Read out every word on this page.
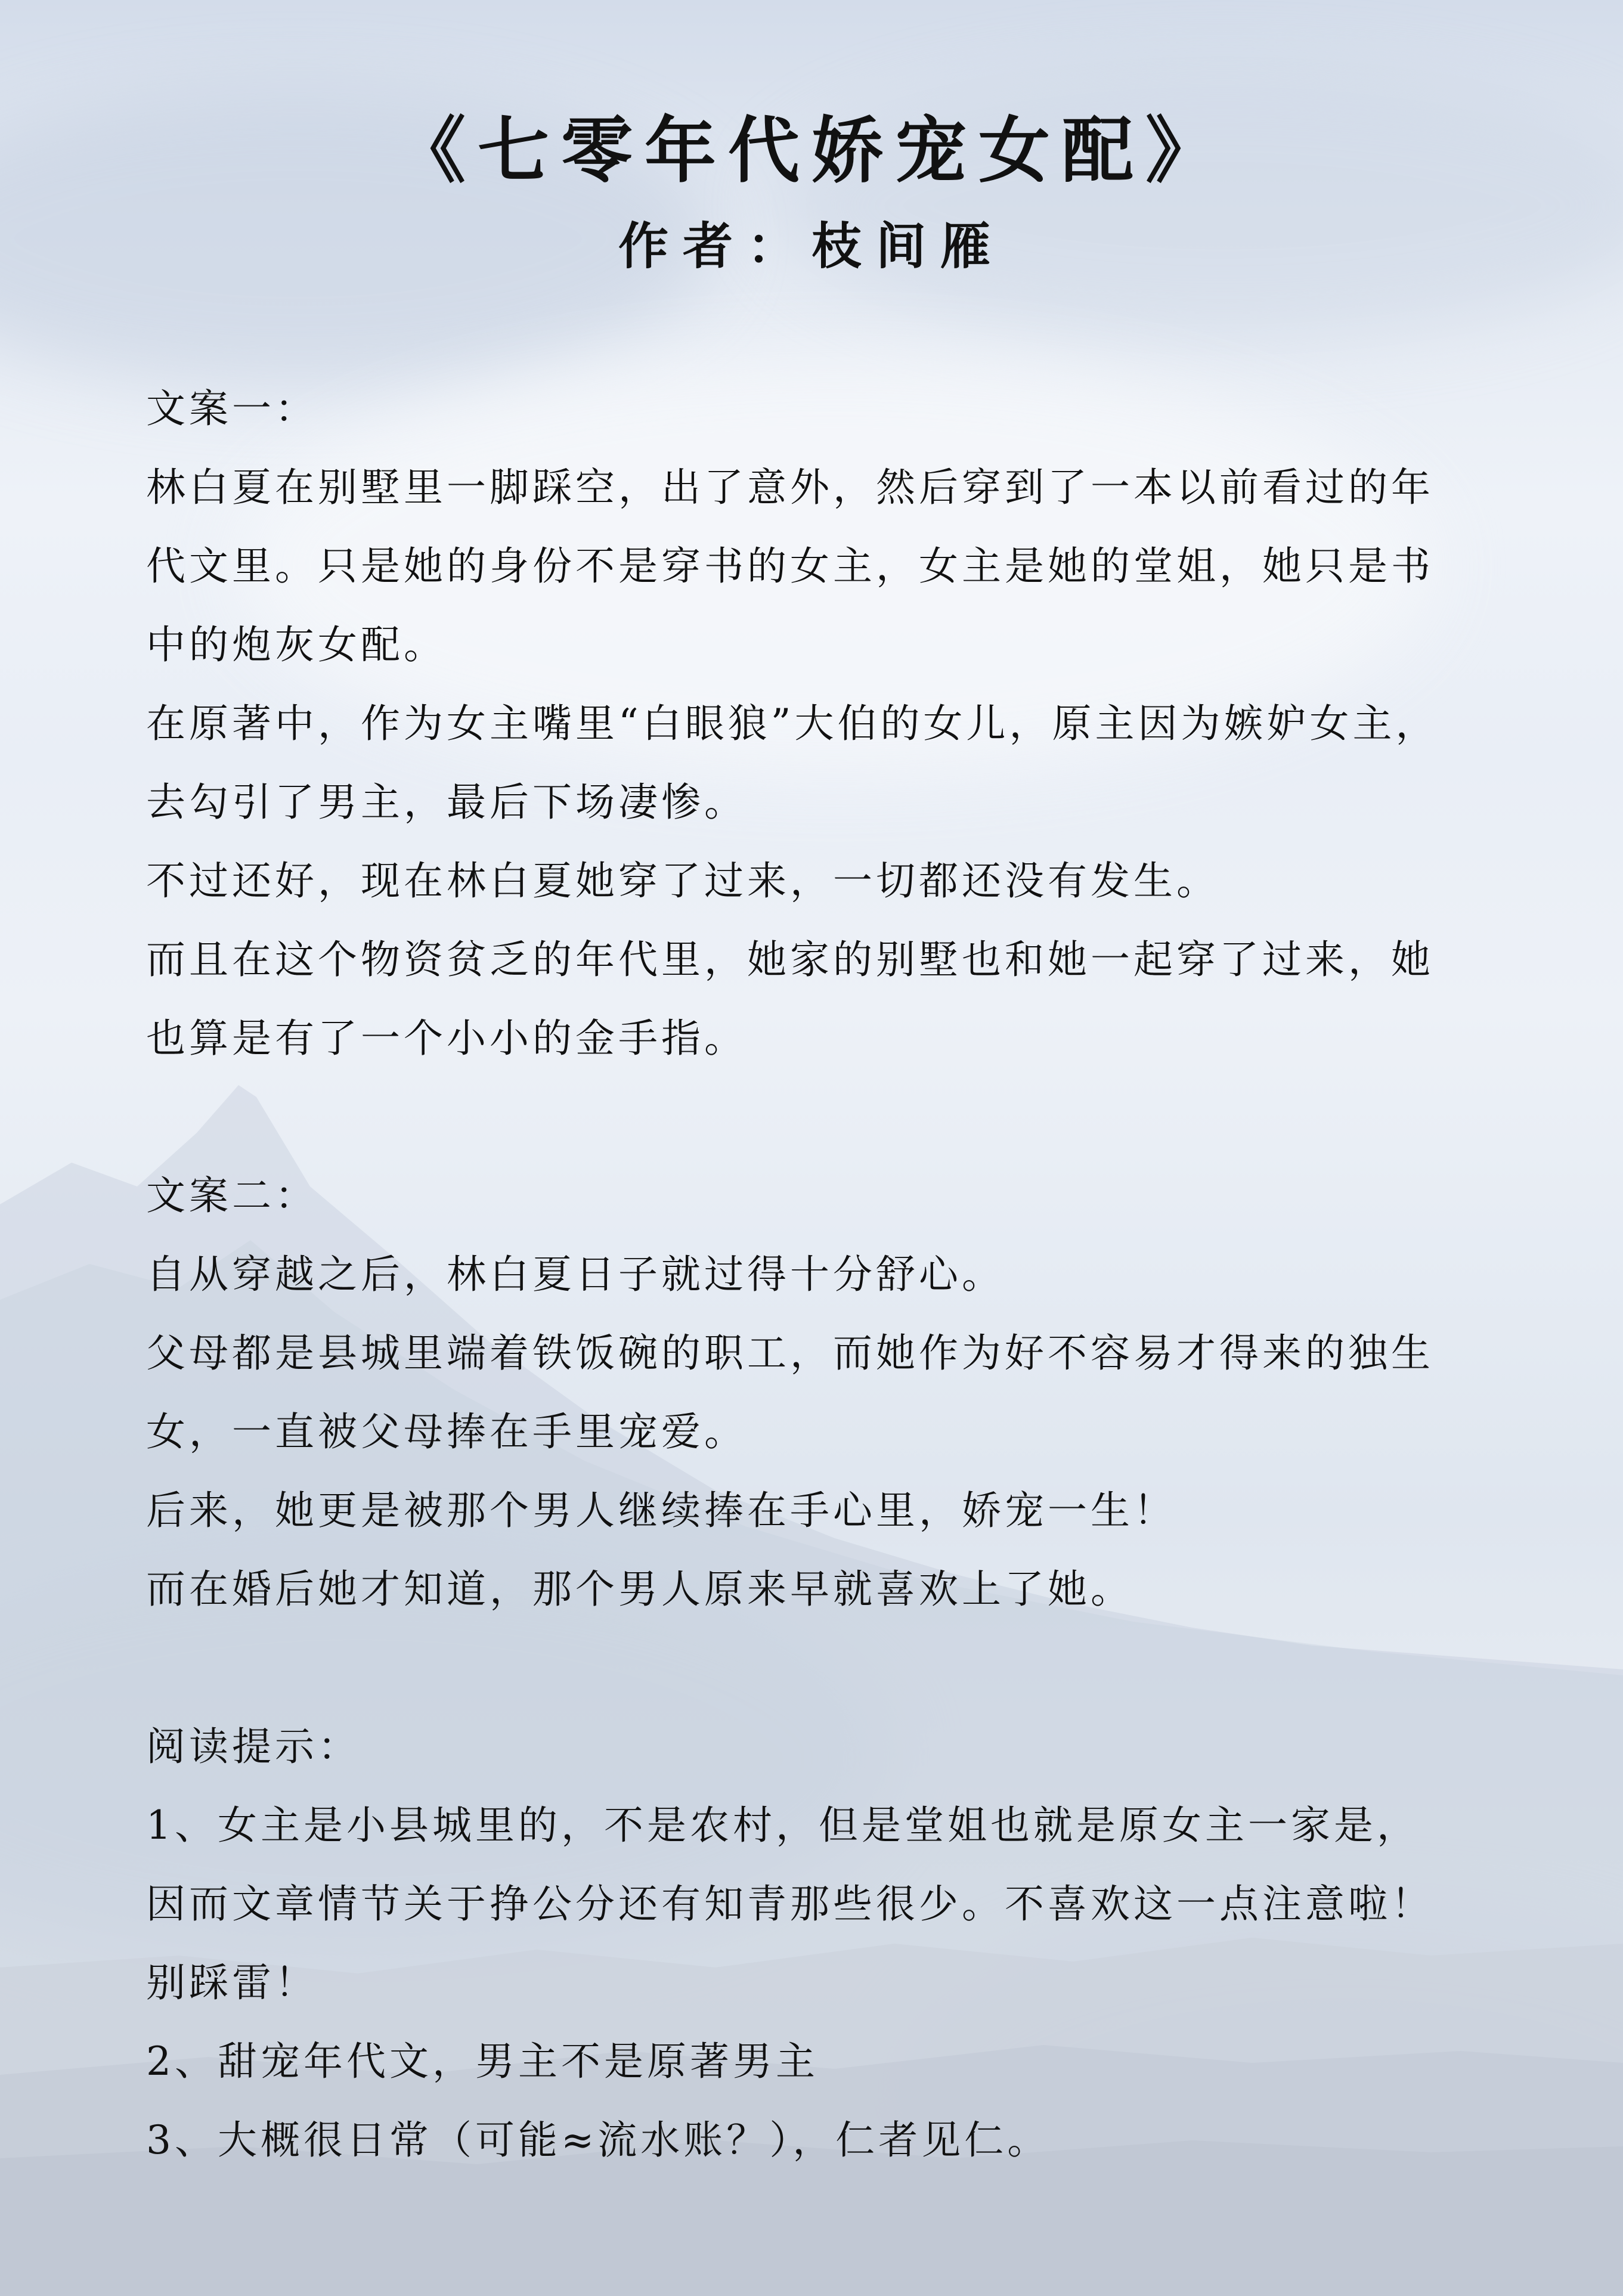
《七零年代娇宠女配》
作者：枝间雁
文案一：
林白夏在别墅里一脚踩空，出了意外，然后穿到了一本以前看过的年
代文里。只是她的身份不是穿书的女主，女主是她的堂姐，她只是书
中的炮灰女配。
在原著中，作为女主嘴里“白眼狼”大伯的女儿，原主因为嫉妒女主，
去勾引了男主，最后下场凄惨。
不过还好，现在林白夏她穿了过来，一切都还没有发生。
而且在这个物资贫乏的年代里，她家的别墅也和她一起穿了过来，她
也算是有了一个小小的金手指。
文案二：
自从穿越之后，林白夏日子就过得十分舒心。
父母都是县城里端着铁饭碗的职工，而她作为好不容易才得来的独生
女，一直被父母捧在手里宠爱。
后来，她更是被那个男人继续捧在手心里，娇宠一生！
而在婚后她才知道，那个男人原来早就喜欢上了她。
阅读提示：
1、女主是小县城里的，不是农村，但是堂姐也就是原女主一家是，
因而文章情节关于挣公分还有知青那些很少。不喜欢这一点注意啦！
别踩雷！
2、甜宠年代文，男主不是原著男主
3、大概很日常（可能≈流水账？），仁者见仁。
